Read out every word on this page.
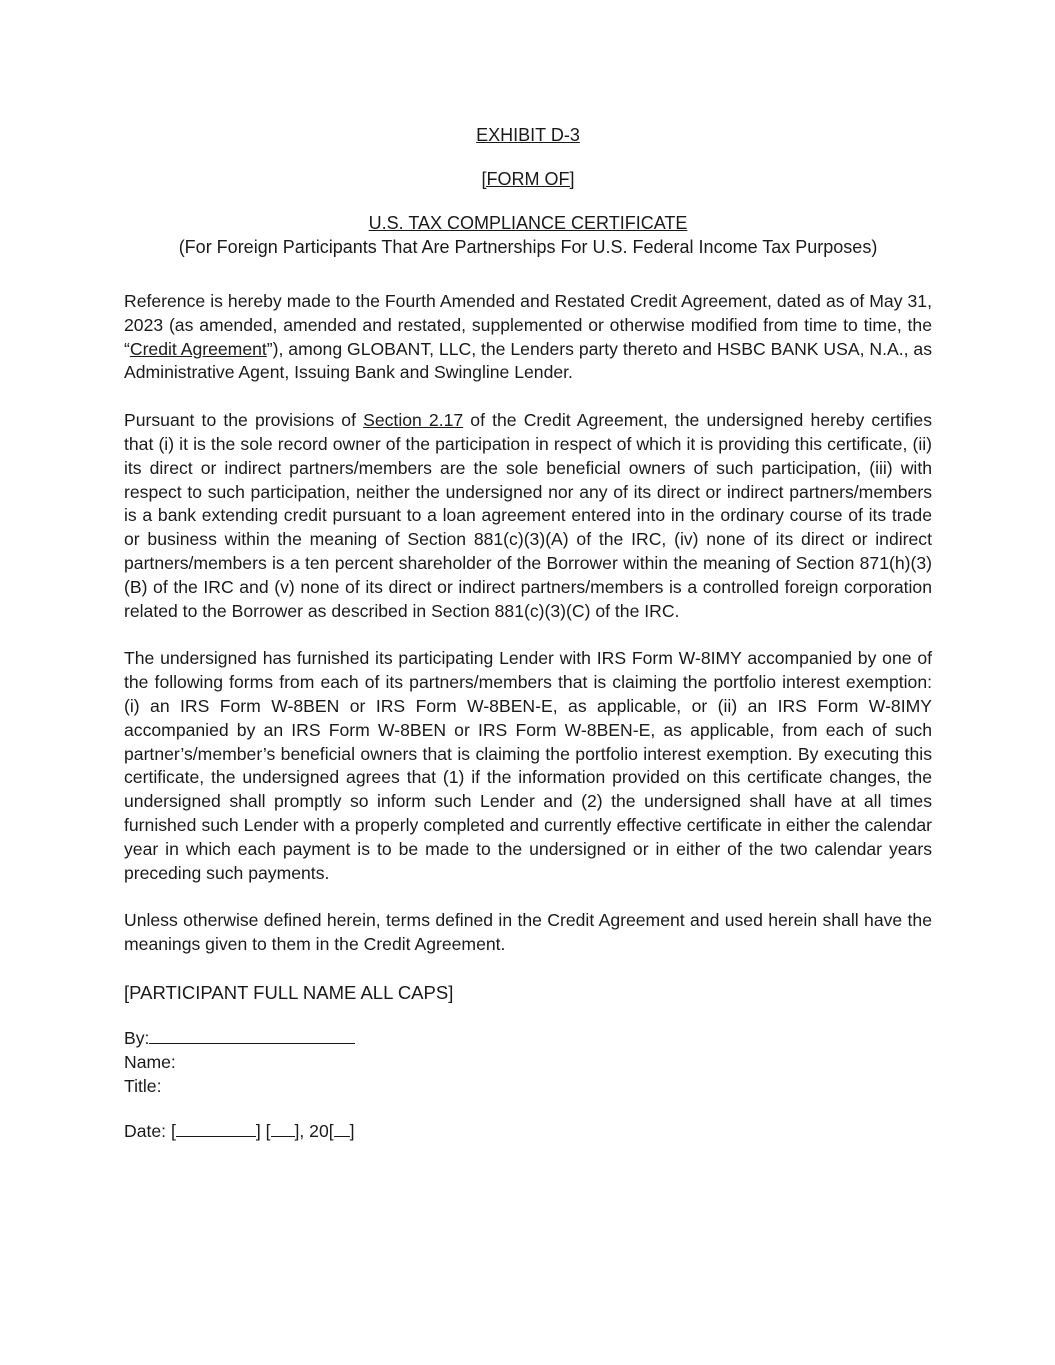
EXHIBIT D-3
[FORM OF]
U.S. TAX COMPLIANCE CERTIFICATE
(For Foreign Participants That Are Partnerships For U.S. Federal Income Tax Purposes)

Reference is hereby made to the Fourth Amended and Restated Credit Agreement, dated as of May 31, 2023 (as amended, amended and restated, supplemented or otherwise modified from time to time, the “Credit Agreement”), among GLOBANT, LLC, the Lenders party thereto and HSBC BANK USA, N.A., as Administrative Agent, Issuing Bank and Swingline Lender.

Pursuant to the provisions of Section 2.17 of the Credit Agreement, the undersigned hereby certifies that (i) it is the sole record owner of the participation in respect of which it is providing this certificate, (ii) its direct or indirect partners/members are the sole beneficial owners of such participation, (iii) with respect to such participation, neither the undersigned nor any of its direct or indirect partners/members is a bank extending credit pursuant to a loan agreement entered into in the ordinary course of its trade or business within the meaning of Section 881(c)(3)(A) of the IRC, (iv) none of its direct or indirect partners/members is a ten percent shareholder of the Borrower within the meaning of Section 871(h)(3)(B) of the IRC and (v) none of its direct or indirect partners/members is a controlled foreign corporation related to the Borrower as described in Section 881(c)(3)(C) of the IRC.

The undersigned has furnished its participating Lender with IRS Form W-8IMY accompanied by one of the following forms from each of its partners/members that is claiming the portfolio interest exemption: (i) an IRS Form W-8BEN or IRS Form W-8BEN-E, as applicable, or (ii) an IRS Form W-8IMY accompanied by an IRS Form W-8BEN or IRS Form W-8BEN-E, as applicable, from each of such partner’s/member’s beneficial owners that is claiming the portfolio interest exemption. By executing this certificate, the undersigned agrees that (1) if the information provided on this certificate changes, the undersigned shall promptly so inform such Lender and (2) the undersigned shall have at all times furnished such Lender with a properly completed and currently effective certificate in either the calendar year in which each payment is to be made to the undersigned or in either of the two calendar years preceding such payments.

Unless otherwise defined herein, terms defined in the Credit Agreement and used herein shall have the meanings given to them in the Credit Agreement.

[PARTICIPANT FULL NAME ALL CAPS]
By:
Name:
Title:
Date: [	] [ ], 20[ ]
